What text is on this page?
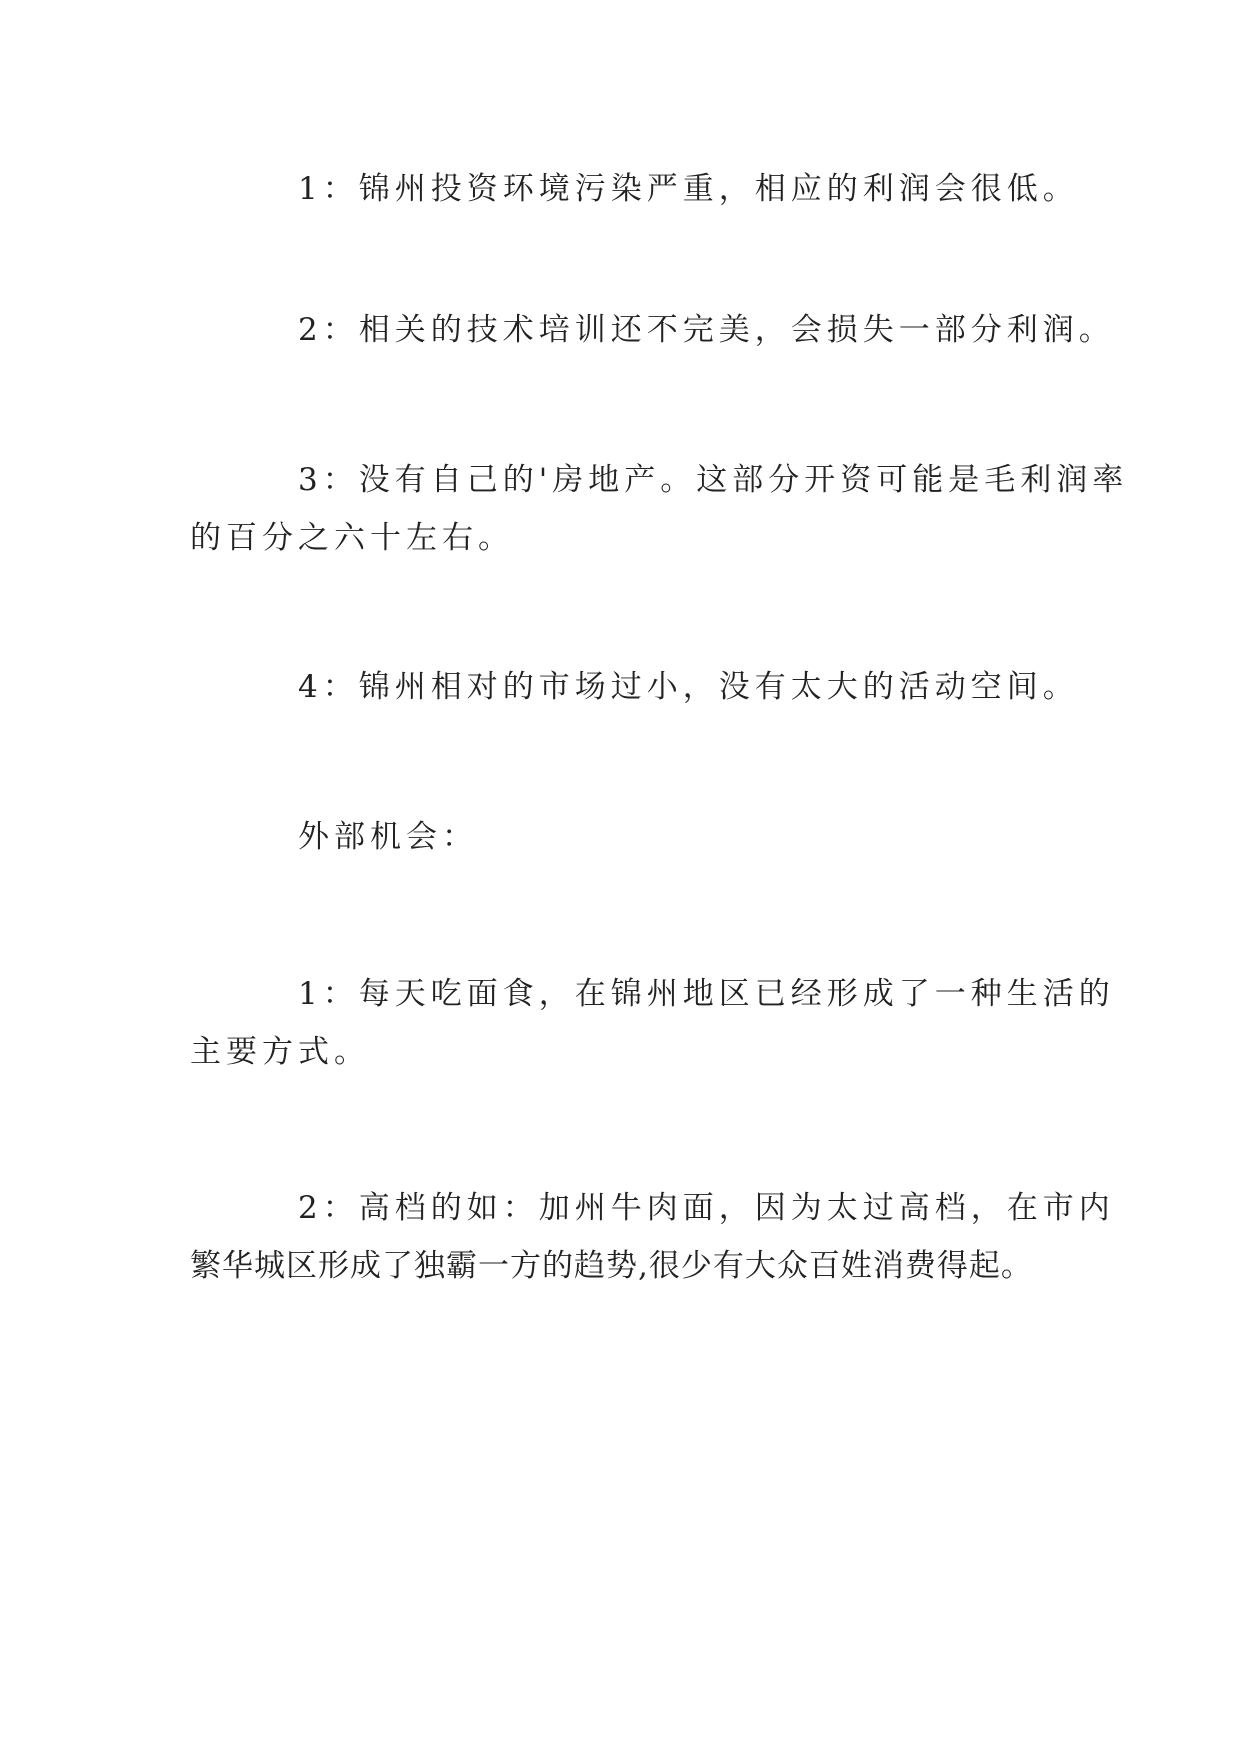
1：锦州投资环境污染严重，相应的利润会很低。
2：相关的技术培训还不完美，会损失一部分利润。
3：没有自己的'房地产。这部分开资可能是毛利润率
的百分之六十左右。
4：锦州相对的市场过小，没有太大的活动空间。
外部机会：
1：每天吃面食，在锦州地区已经形成了一种生活的
主要方式。
2：高档的如：加州牛肉面，因为太过高档，在市内
繁华城区形成了独霸一方的趋势,很少有大众百姓消费得起。
